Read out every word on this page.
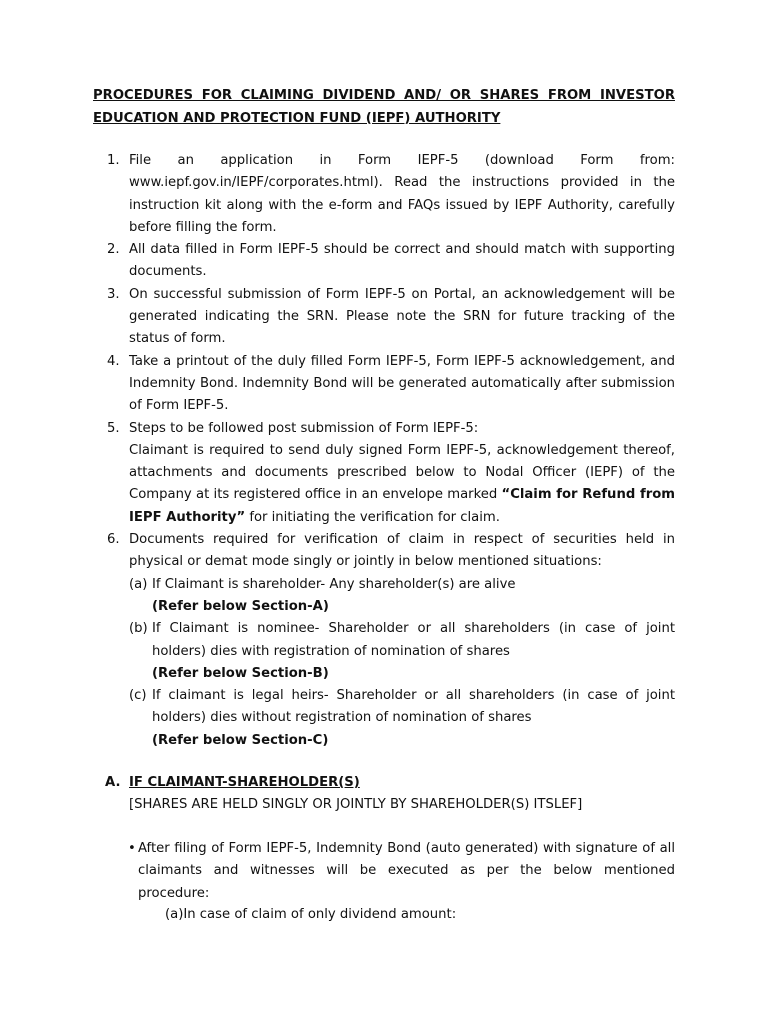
PROCEDURES FOR CLAIMING DIVIDEND AND/ OR SHARES FROM INVESTOR EDUCATION AND PROTECTION FUND (IEPF) AUTHORITY
1. File an application in Form IEPF-5 (download Form from:
www.iepf.gov.in/IEPF/corporates.html). Read the instructions provided in the instruction kit along with the e-form and FAQs issued by IEPF Authority, carefully before filling the form.
2. All data filled in Form IEPF-5 should be correct and should match with supporting documents.
3. On successful submission of Form IEPF-5 on Portal, an acknowledgement will be generated indicating the SRN. Please note the SRN for future tracking of the status of form.
4. Take a printout of the duly filled Form IEPF-5, Form IEPF-5 acknowledgement, and Indemnity Bond. Indemnity Bond will be generated automatically after submission of Form IEPF-5.
5. Steps to be followed post submission of Form IEPF-5:
Claimant is required to send duly signed Form IEPF-5, acknowledgement thereof, attachments and documents prescribed below to Nodal Officer (IEPF) of the Company at its registered office in an envelope marked “Claim for Refund from IEPF Authority” for initiating the verification for claim.
6. Documents required for verification of claim in respect of securities held in physical or demat mode singly or jointly in below mentioned situations:
(a) If Claimant is shareholder- Any shareholder(s) are alive
(Refer below Section-A)
(b) If Claimant is nominee- Shareholder or all shareholders (in case of joint holders) dies with registration of nomination of shares
(Refer below Section-B)
(c) If claimant is legal heirs- Shareholder or all shareholders (in case of joint holders) dies without registration of nomination of shares
(Refer below Section-C)
A. IF CLAIMANT-SHAREHOLDER(S)
[SHARES ARE HELD SINGLY OR JOINTLY BY SHAREHOLDER(S) ITSLEF]
• After filing of Form IEPF-5, Indemnity Bond (auto generated) with signature of all claimants and witnesses will be executed as per the below mentioned procedure:
(a)In case of claim of only dividend amount:
